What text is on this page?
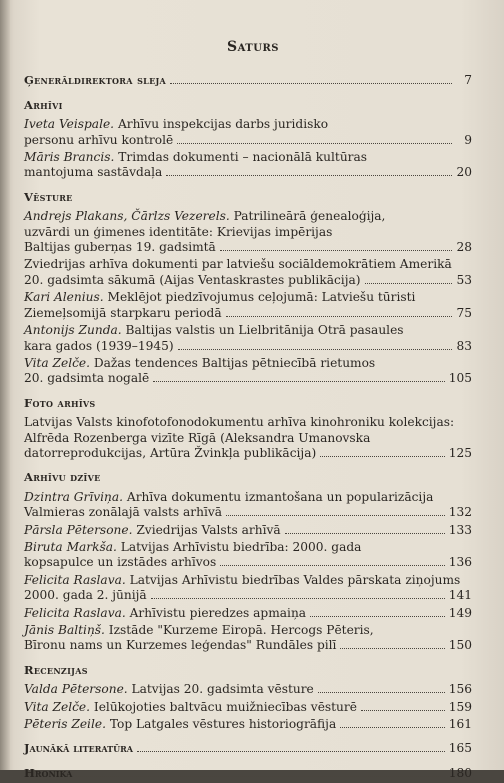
Saturs
Ģenerāldirektora sleja	7
Arhīvi
Iveta Veispale. Arhīvu inspekcijas darbs juridisko
personu arhīvu kontrolē	9
Māris Brancis. Trimdas dokumenti – nacionālā kultūras
mantojuma sastāvdaļa	20
Vēsture
Andrejs Plakans, Čārlzs Vezerels. Patrilineārā ģenealoģija,
uzvārdi un ģimenes identitāte: Krievijas impērijas
Baltijas guberņas 19. gadsimtā	28
Zviedrijas arhīva dokumenti par latviešu sociāldemokrātiem Amerikā
20. gadsimta sākumā (Aijas Ventaskrastes publikācija)	53
Kari Alenius. Meklējot piedzīvojumus ceļojumā: Latviešu tūristi
Ziemeļsomijā starpkaru periodā	75
Antonijs Zunda. Baltijas valstis un Lielbritānija Otrā pasaules
kara gados (1939–1945)	83
Vita Zelče. Dažas tendences Baltijas pētniecībā rietumos
20. gadsimta nogalē	105
Foto arhīvs
Latvijas Valsts kinofotofonodokumentu arhīva kinohroniku kolekcijas:
Alfrēda Rozenberga vizīte Rīgā (Aleksandra Umanovska
datorreprodukcijas, Artūra Žvinkļa publikācija)	125
Arhīvu dzīve
Dzintra Grīviņa. Arhīva dokumentu izmantošana un popularizācija
Valmieras zonālajā valsts arhīvā	132
Pārsla Pētersone. Zviedrijas Valsts arhīvā	133
Biruta Markša. Latvijas Arhīvistu biedrība: 2000. gada
kopsapulce un izstādes arhīvos	136
Felicita Raslava. Latvijas Arhīvistu biedrības Valdes pārskata ziņojums
2000. gada 2. jūnijā	141
Felicita Raslava. Arhīvistu pieredzes apmaiņa	149
Jānis Baltiņš. Izstāde "Kurzeme Eiropā. Hercogs Pēteris,
Bīronu nams un Kurzemes leģendas" Rundāles pilī	150
Recenzijas
Valda Pētersone. Latvijas 20. gadsimta vēsture	156
Vita Zelče. Ielūkojoties baltvācu muižniecības vēsturē	159
Pēteris Zeile. Top Latgales vēstures historiogrāfija	161
Jaunākā literatūra	165
Hronika	180
